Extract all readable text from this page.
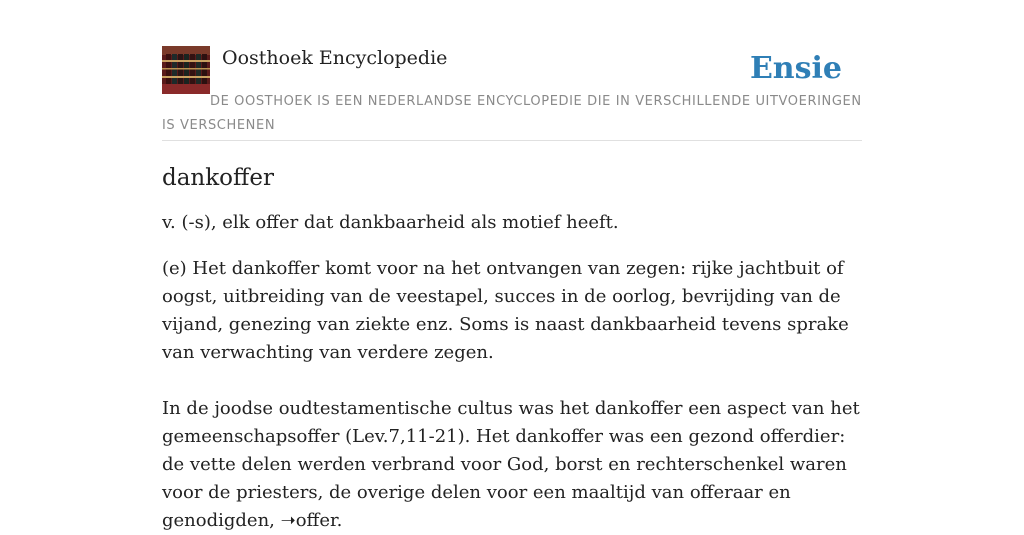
Oosthoek Encyclopedie	Ensie
DE OOSTHOEK IS EEN NEDERLANDSE ENCYCLOPEDIE DIE IN VERSCHILLENDE UITVOERINGEN IS VERSCHENEN
dankoffer

v. (-s), elk offer dat dankbaarheid als motief heeft.

(e) Het dankoffer komt voor na het ontvangen van zegen: rijke jachtbuit of oogst, uitbreiding van de veestapel, succes in de oorlog, bevrijding van de vijand, genezing van ziekte enz. Soms is naast dankbaarheid tevens sprake van verwachting van verdere zegen.

In de joodse oudtestamentische cultus was het dankoffer een aspect van het gemeenschapsoffer (Lev.7,11-21). Het dankoffer was een gezond offerdier: de vette delen werden verbrand voor God, borst en rechterschenkel waren voor de priesters, de overige delen voor een maaltijd van offeraar en genodigden, ➝offer.
